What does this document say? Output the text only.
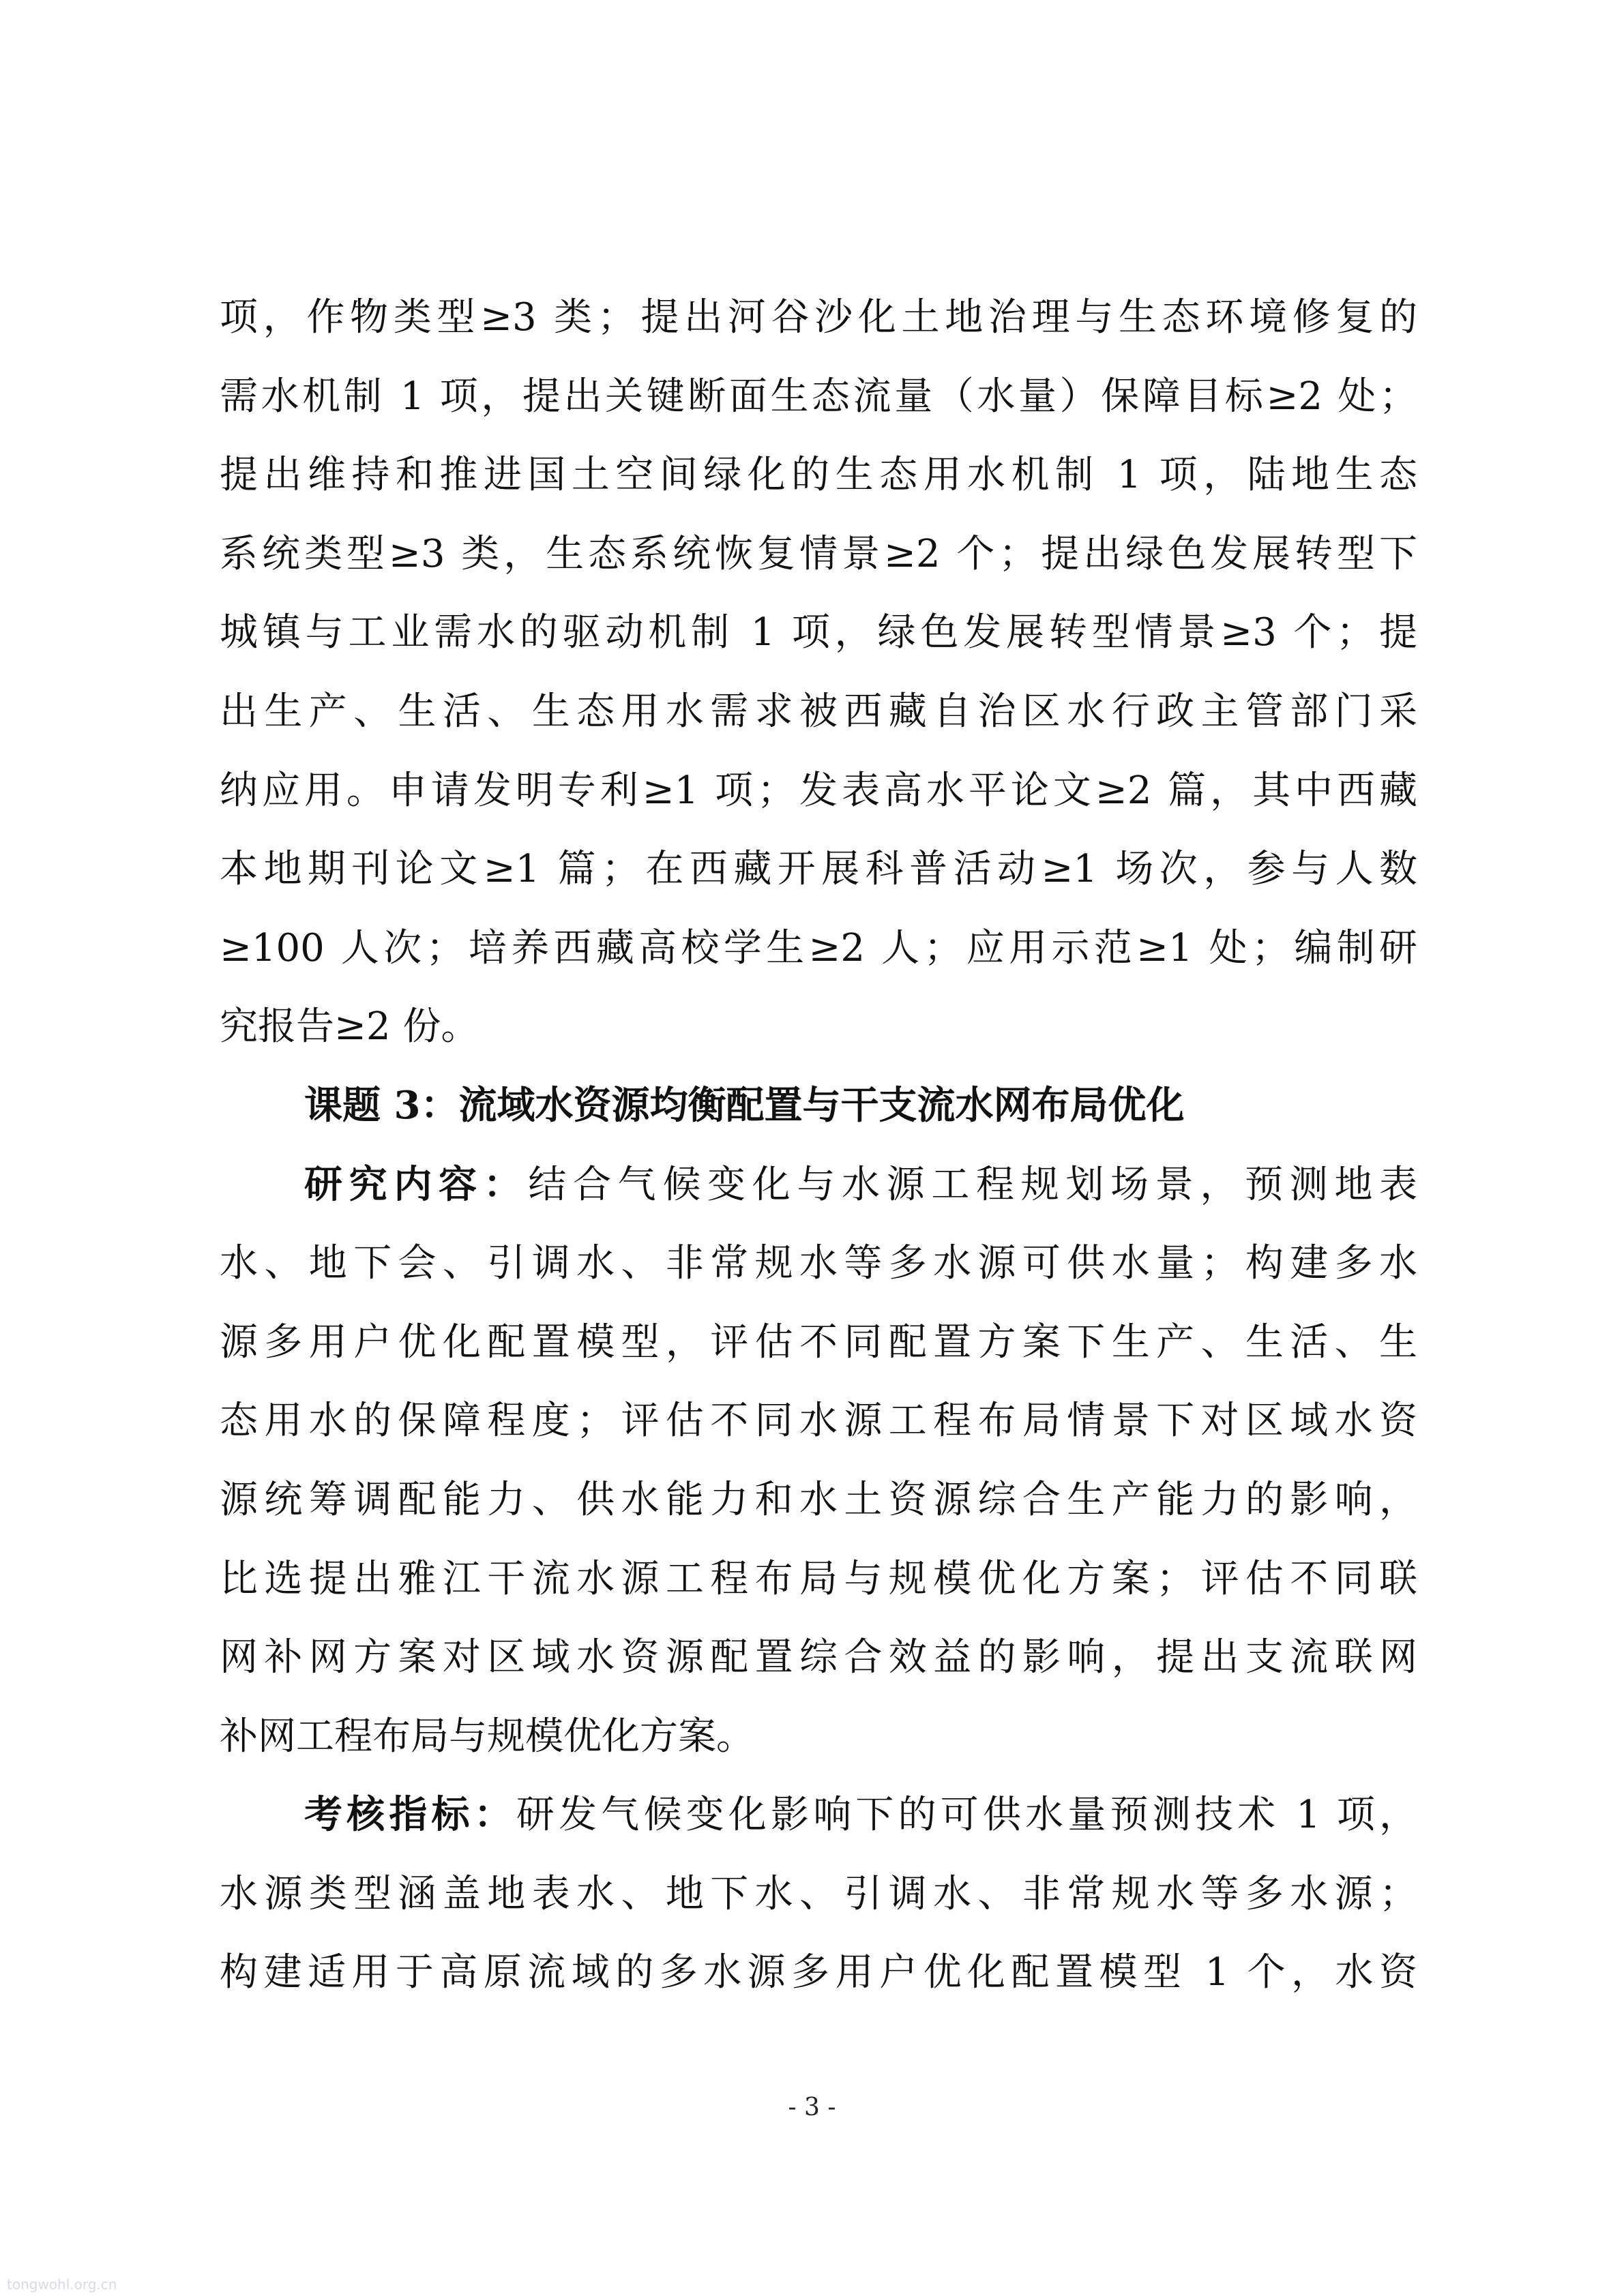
项，作物类型≥3 类；提出河谷沙化土地治理与生态环境修复的
需水机制 1 项，提出关键断面生态流量（水量）保障目标≥2 处；
提出维持和推进国土空间绿化的生态用水机制 1 项，陆地生态
系统类型≥3 类，生态系统恢复情景≥2 个；提出绿色发展转型下
城镇与工业需水的驱动机制 1 项，绿色发展转型情景≥3 个；提
出生产、生活、生态用水需求被西藏自治区水行政主管部门采
纳应用。申请发明专利≥1 项；发表高水平论文≥2 篇，其中西藏
本地期刊论文≥1 篇；在西藏开展科普活动≥1 场次，参与人数
≥100 人次；培养西藏高校学生≥2 人；应用示范≥1 处；编制研
究报告≥2 份。
课题 3：流域水资源均衡配置与干支流水网布局优化
研究内容：结合气候变化与水源工程规划场景，预测地表
水、地下会、引调水、非常规水等多水源可供水量；构建多水
源多用户优化配置模型，评估不同配置方案下生产、生活、生
态用水的保障程度；评估不同水源工程布局情景下对区域水资
源统筹调配能力、供水能力和水土资源综合生产能力的影响，
比选提出雅江干流水源工程布局与规模优化方案；评估不同联
网补网方案对区域水资源配置综合效益的影响，提出支流联网
补网工程布局与规模优化方案。
考核指标：研发气候变化影响下的可供水量预测技术 1 项，
水源类型涵盖地表水、地下水、引调水、非常规水等多水源；
构建适用于高原流域的多水源多用户优化配置模型 1 个，水资
- 3 -
tongwohl.org.cn
